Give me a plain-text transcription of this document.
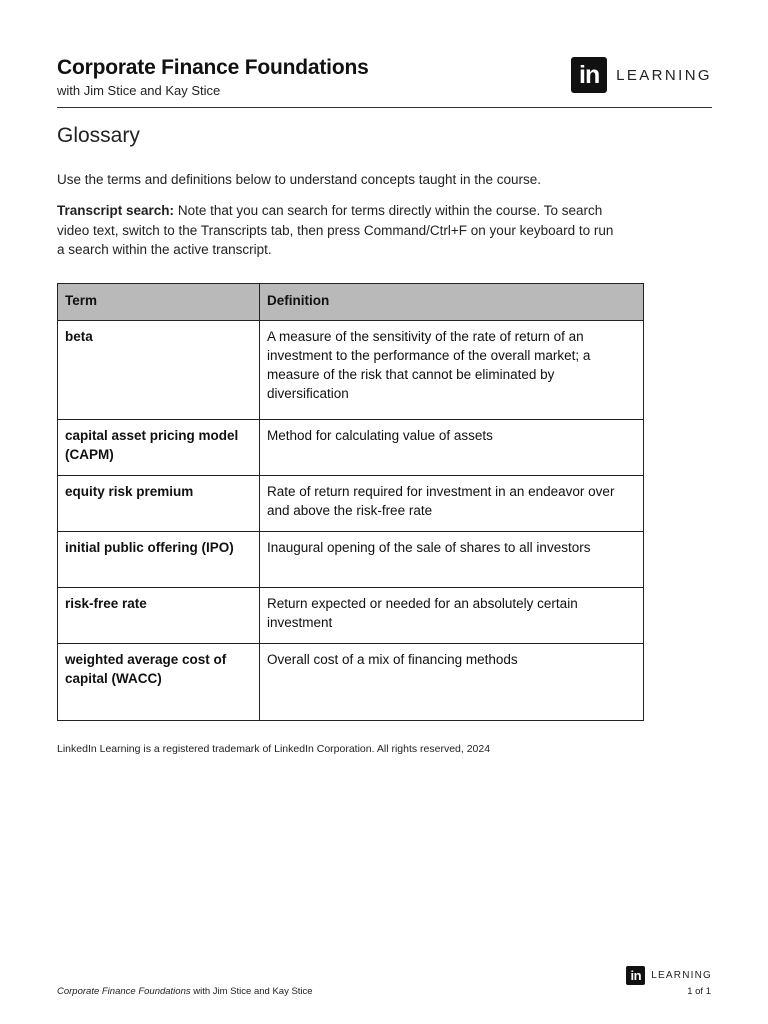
Corporate Finance Foundations
with Jim Stice and Kay Stice
in	LEARNING
Glossary
Use the terms and definitions below to understand concepts taught in the course.
Transcript search: Note that you can search for terms directly within the course. To search video text, switch to the Transcripts tab, then press Command/Ctrl+F on your keyboard to run a search within the active transcript.
Term	Definition
beta	A measure of the sensitivity of the rate of return of an investment to the performance of the overall market; a measure of the risk that cannot be eliminated by diversification
capital asset pricing model (CAPM)	Method for calculating value of assets
equity risk premium	Rate of return required for investment in an endeavor over and above the risk-free rate
initial public offering (IPO)	Inaugural opening of the sale of shares to all investors
risk-free rate	Return expected or needed for an absolutely certain investment
weighted average cost of capital (WACC)	Overall cost of a mix of financing methods
LinkedIn Learning is a registered trademark of LinkedIn Corporation. All rights reserved, 2024
in	LEARNING
Corporate Finance Foundations with Jim Stice and Kay Stice	1 of 1
